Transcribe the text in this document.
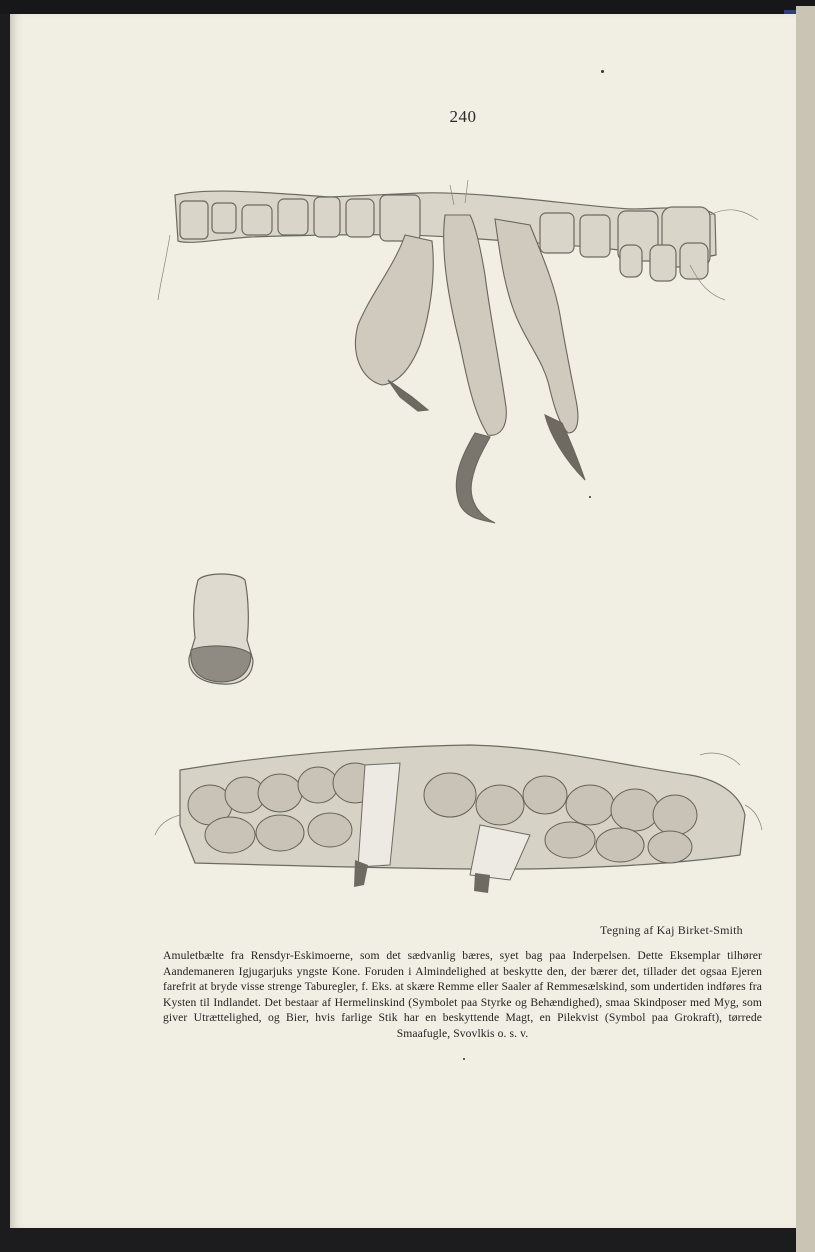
240
Tegning af Kaj Birket-Smith
Amuletbælte fra Rensdyr-Eskimoerne, som det sædvanlig bæres, syet bag paa Inderpelsen. Dette Eksemplar tilhører Aandemaneren Igjugarjuks yngste Kone. Foruden i Almindelighed at beskytte den, der bærer det, tillader det ogsaa Ejeren farefrit at bryde visse strenge Taburegler, f. Eks. at skære Remme eller Saaler af Remmesælskind, som undertiden indføres fra Kysten til Indlandet. Det bestaar af Hermelinskind (Symbolet paa Styrke og Behændighed), smaa Skindposer med Myg, som giver Utrættelighed, og Bier, hvis farlige Stik har en beskyttende Magt, en Pilekvist (Symbol paa Grokraft), tørrede Smaafugle, Svovlkis o. s. v.
